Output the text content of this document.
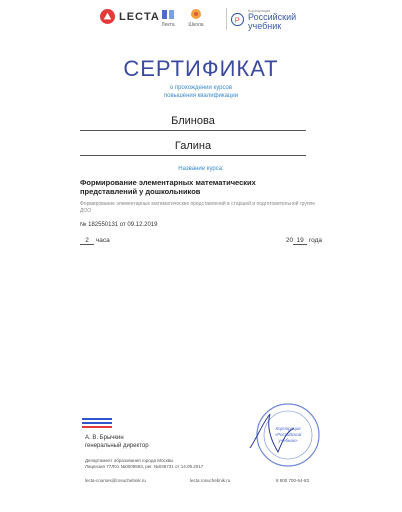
LECTA
Лекта	Школа
Р
Корпорация
Российский
учебник
СЕРТИФИКАТ
о прохождении курсов
повышения квалификации
Блинова
Галина
Название курса:
Формирование элементарных математических представлений у дошкольников
Формирование элементарных математических представлений в старшей и подготовительной группе ДОО
№ 182550131 от 09.12.2019
2 часа	20 19 года
А. В. Брычкин
генеральный директор
Департамент образования города Москвы
Лицензия 77Л01 №0009583, рег. №038731 от 14.09.2017
Корпорация
«Российский
учебник»
lecta-courses@rosuchebnik.ru	lecta.rosuchebnik.ru	8 800 700-64-83
